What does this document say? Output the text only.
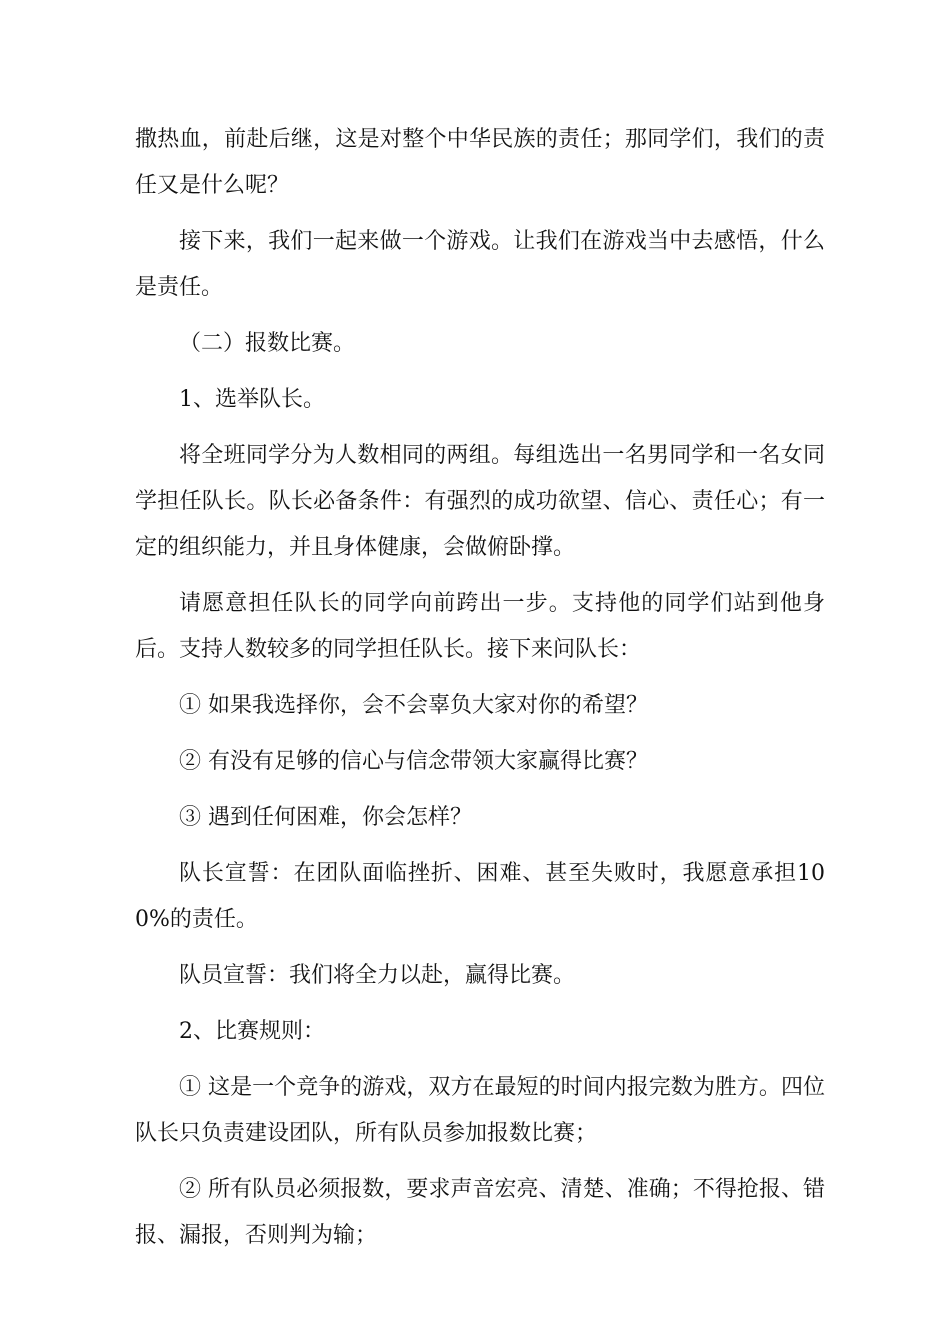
撒热血，前赴后继，这是对整个中华民族的责任；那同学们，我们的责任又是什么呢？

接下来，我们一起来做一个游戏。让我们在游戏当中去感悟，什么是责任。

（二）报数比赛。

1、选举队长。

将全班同学分为人数相同的两组。每组选出一名男同学和一名女同学担任队长。队长必备条件：有强烈的成功欲望、信心、责任心；有一定的组织能力，并且身体健康，会做俯卧撑。

请愿意担任队长的同学向前跨出一步。支持他的同学们站到他身后。支持人数较多的同学担任队长。接下来问队长：

① 如果我选择你，会不会辜负大家对你的希望？

② 有没有足够的信心与信念带领大家赢得比赛？

③ 遇到任何困难，你会怎样？

队长宣誓：在团队面临挫折、困难、甚至失败时，我愿意承担100%的责任。

队员宣誓：我们将全力以赴，赢得比赛。

2、比赛规则：

① 这是一个竞争的游戏，双方在最短的时间内报完数为胜方。四位队长只负责建设团队，所有队员参加报数比赛；

② 所有队员必须报数，要求声音宏亮、清楚、准确；不得抢报、错报、漏报，否则判为输；
